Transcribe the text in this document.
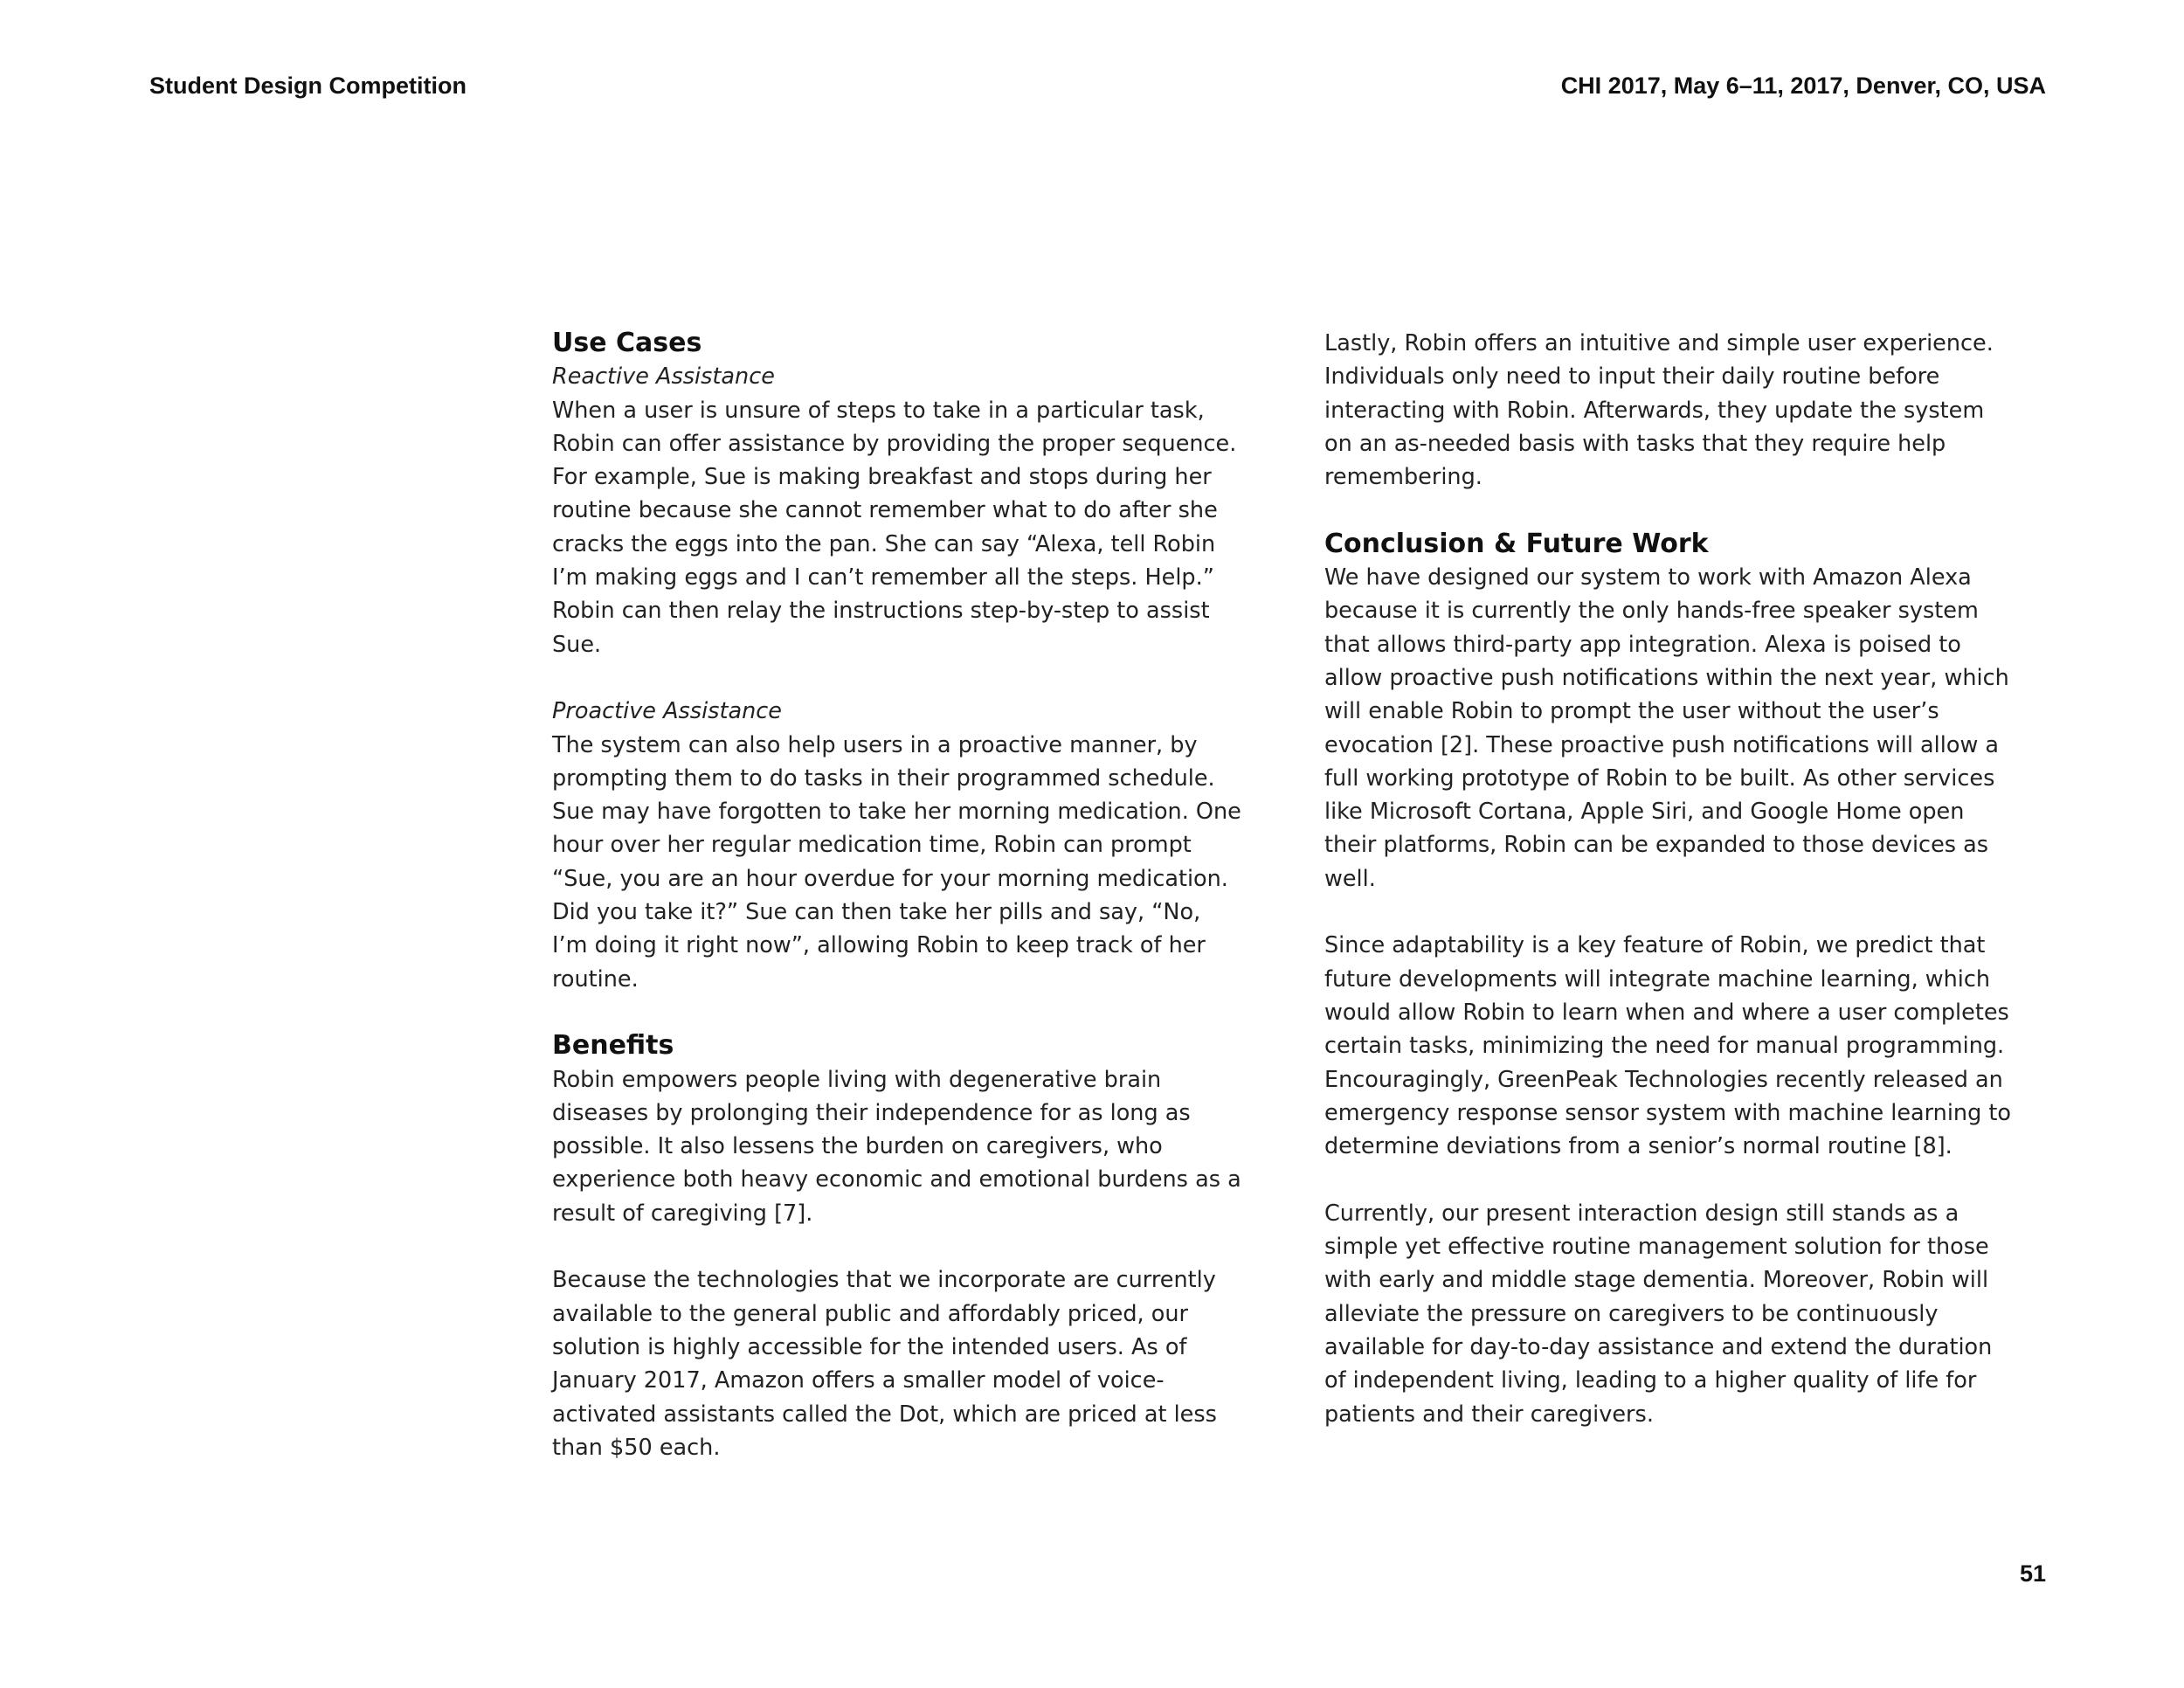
Student Design Competition	CHI 2017, May 6–11, 2017, Denver, CO, USA
Use Cases
Reactive Assistance

When a user is unsure of steps to take in a particular task, Robin can offer assistance by providing the proper sequence. For example, Sue is making breakfast and stops during her routine because she cannot remember what to do after she cracks the eggs into the pan. She can say “Alexa, tell Robin I’m making eggs and I can’t remember all the steps. Help.” Robin can then relay the instructions step-by-step to assist Sue.

Proactive Assistance

The system can also help users in a proactive manner, by prompting them to do tasks in their programmed schedule. Sue may have forgotten to take her morning medication. One hour over her regular medication time, Robin can prompt “Sue, you are an hour overdue for your morning medication. Did you take it?” Sue can then take her pills and say, “No, I’m doing it right now”, allowing Robin to keep track of her routine.

Benefits

Robin empowers people living with degenerative brain diseases by prolonging their independence for as long as possible. It also lessens the burden on caregivers, who experience both heavy economic and emotional burdens as a result of caregiving [7].

Because the technologies that we incorporate are currently available to the general public and affordably priced, our solution is highly accessible for the intended users. As of January 2017, Amazon offers a smaller model of voice-activated assistants called the Dot, which are priced at less than $50 each.

Lastly, Robin offers an intuitive and simple user experience. Individuals only need to input their daily routine before interacting with Robin. Afterwards, they update the system on an as-needed basis with tasks that they require help remembering.

Conclusion & Future Work

We have designed our system to work with Amazon Alexa because it is currently the only hands-free speaker system that allows third-party app integration. Alexa is poised to allow proactive push notifications within the next year, which will enable Robin to prompt the user without the user’s evocation [2]. These proactive push notifications will allow a full working prototype of Robin to be built. As other services like Microsoft Cortana, Apple Siri, and Google Home open their platforms, Robin can be expanded to those devices as well.

Since adaptability is a key feature of Robin, we predict that future developments will integrate machine learning, which would allow Robin to learn when and where a user completes certain tasks, minimizing the need for manual programming. Encouragingly, GreenPeak Technologies recently released an emergency response sensor system with machine learning to determine deviations from a senior’s normal routine [8].

Currently, our present interaction design still stands as a simple yet effective routine management solution for those with early and middle stage dementia. Moreover, Robin will alleviate the pressure on caregivers to be continuously available for day-to-day assistance and extend the duration of independent living, leading to a higher quality of life for patients and their caregivers.

51
